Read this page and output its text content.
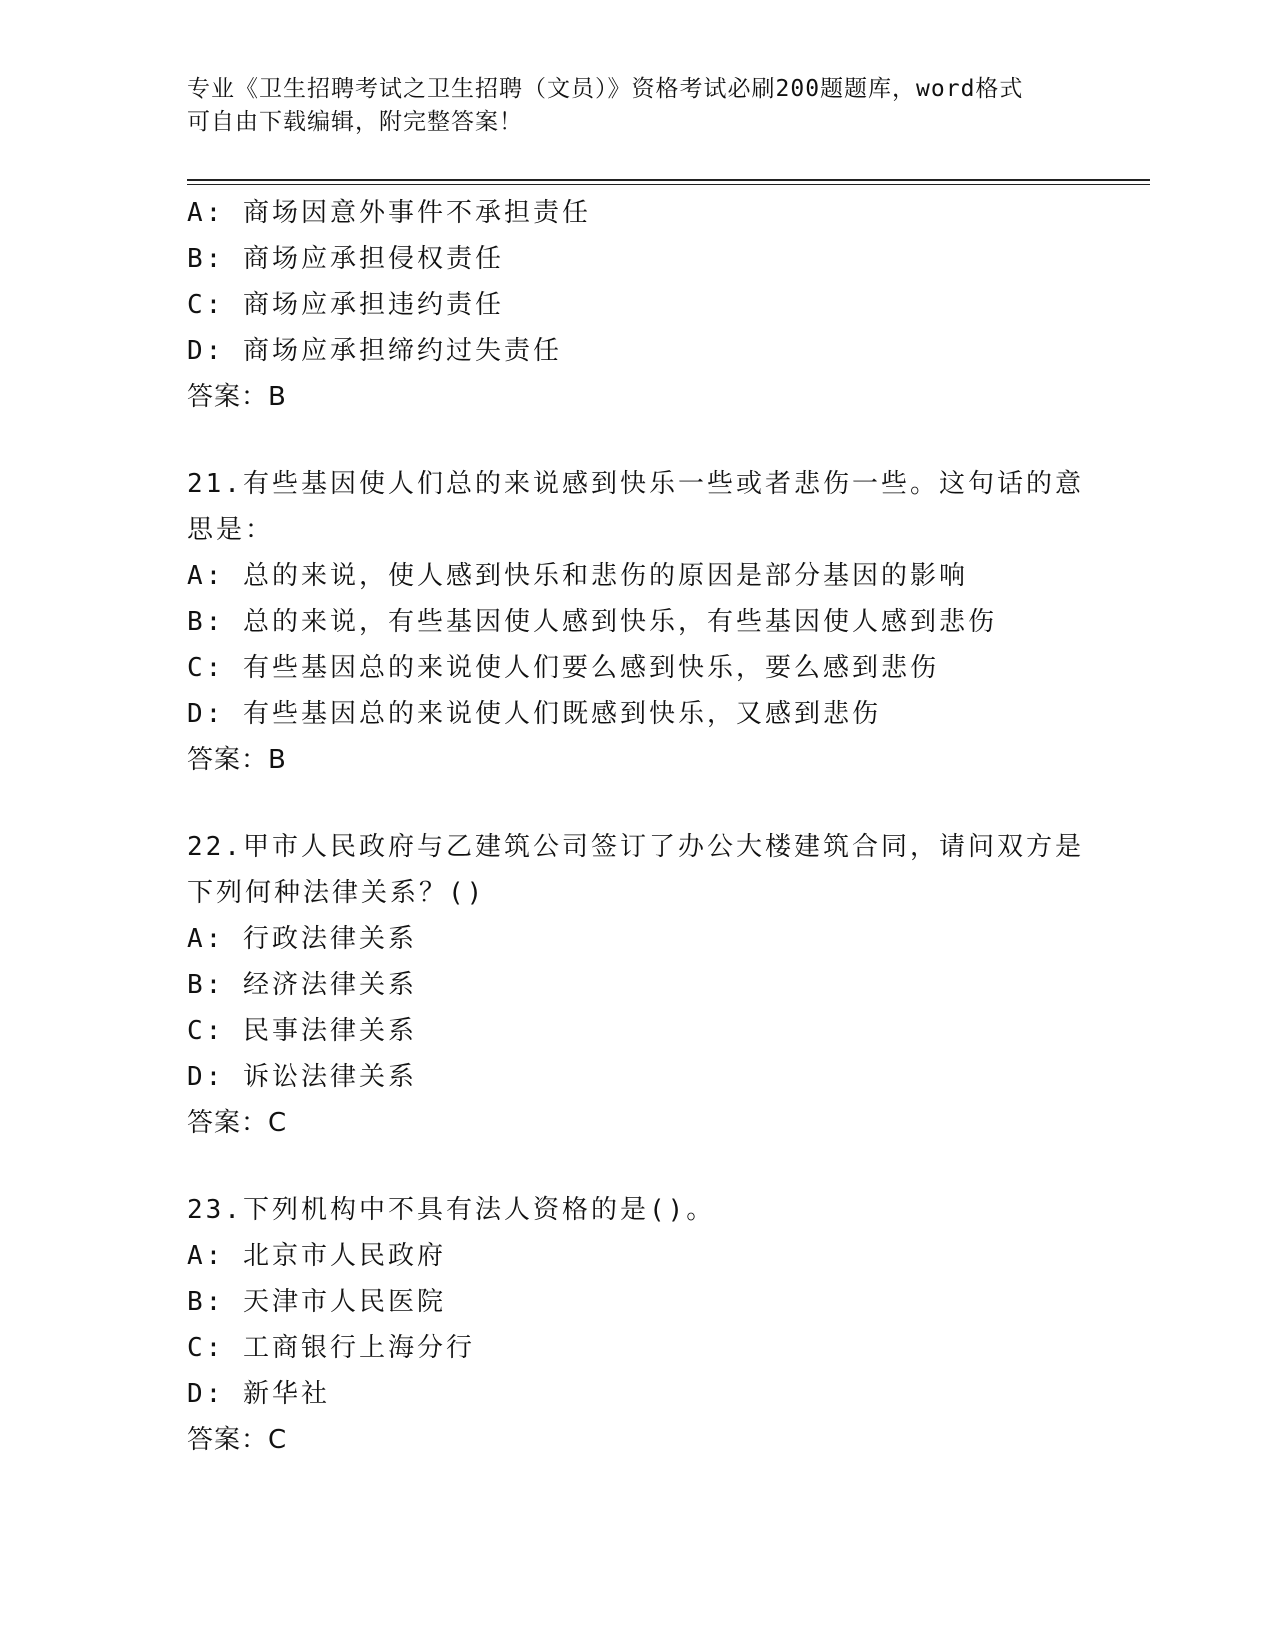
专业《卫生招聘考试之卫生招聘（文员）》资格考试必刷200题题库，word格式
可自由下载编辑，附完整答案！
A: 商场因意外事件不承担责任
B: 商场应承担侵权责任
C: 商场应承担违约责任
D: 商场应承担缔约过失责任
答案：B
21.有些基因使人们总的来说感到快乐一些或者悲伤一些。这句话的意
思是：
A: 总的来说，使人感到快乐和悲伤的原因是部分基因的影响
B: 总的来说，有些基因使人感到快乐，有些基因使人感到悲伤
C: 有些基因总的来说使人们要么感到快乐，要么感到悲伤
D: 有些基因总的来说使人们既感到快乐，又感到悲伤
答案：B
22.甲市人民政府与乙建筑公司签订了办公大楼建筑合同，请问双方是
下列何种法律关系？()
A: 行政法律关系
B: 经济法律关系
C: 民事法律关系
D: 诉讼法律关系
答案：C
23.下列机构中不具有法人资格的是()。
A: 北京市人民政府
B: 天津市人民医院
C: 工商银行上海分行
D: 新华社
答案：C
